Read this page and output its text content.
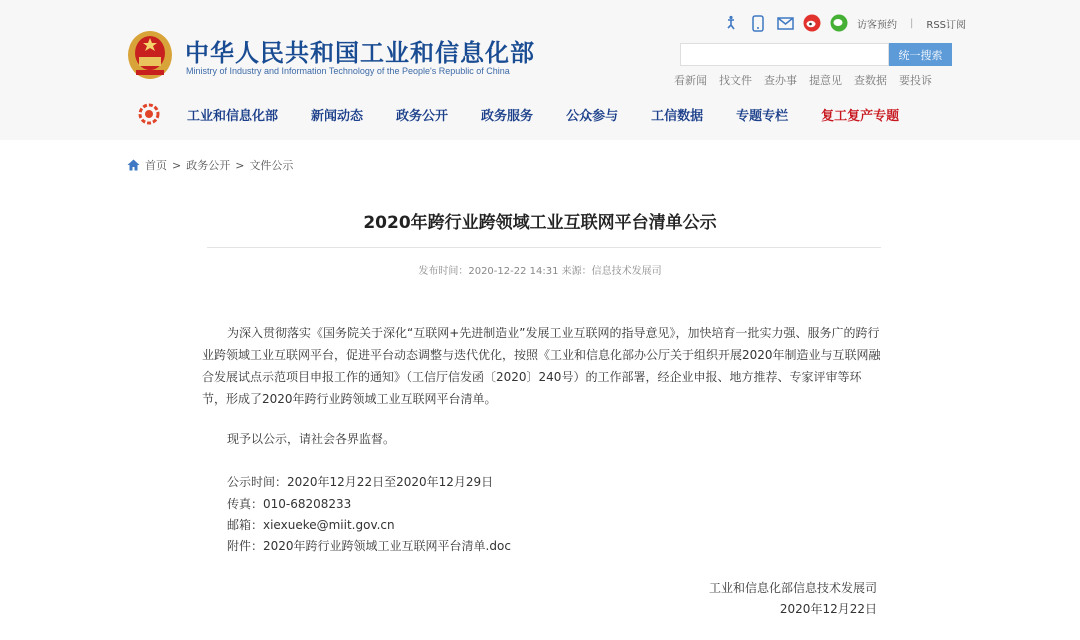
中华人民共和国工业和信息化部
Ministry of Industry and Information Technology of the People's Republic of China
访客预约 | RSS订阅
统一搜索
看新闻 找文件 查办事 提意见 查数据 要投诉
工业和信息化部	新闻动态	政务公开	政务服务	公众参与	工信数据	专题专栏	复工复产专题
首页 > 政务公开 > 文件公示
2020年跨行业跨领域工业互联网平台清单公示
发布时间：2020-12-22 14:31 来源：信息技术发展司

为深入贯彻落实《国务院关于深化“互联网+先进制造业”发展工业互联网的指导意见》，加快培育一批实力强、服务广的跨行业跨领域工业互联网平台，促进平台动态调整与迭代优化，按照《工业和信息化部办公厅关于组织开展2020年制造业与互联网融合发展试点示范项目申报工作的通知》（工信厅信发函〔2020〕240号）的工作部署，经企业申报、地方推荐、专家评审等环节，形成了2020年跨行业跨领域工业互联网平台清单。

现予以公示，请社会各界监督。
公示时间：2020年12月22日至2020年12月29日
传真：010-68208233
邮箱：xiexueke@miit.gov.cn
附件：2020年跨行业跨领域工业互联网平台清单.doc
工业和信息化部信息技术发展司
2020年12月22日
